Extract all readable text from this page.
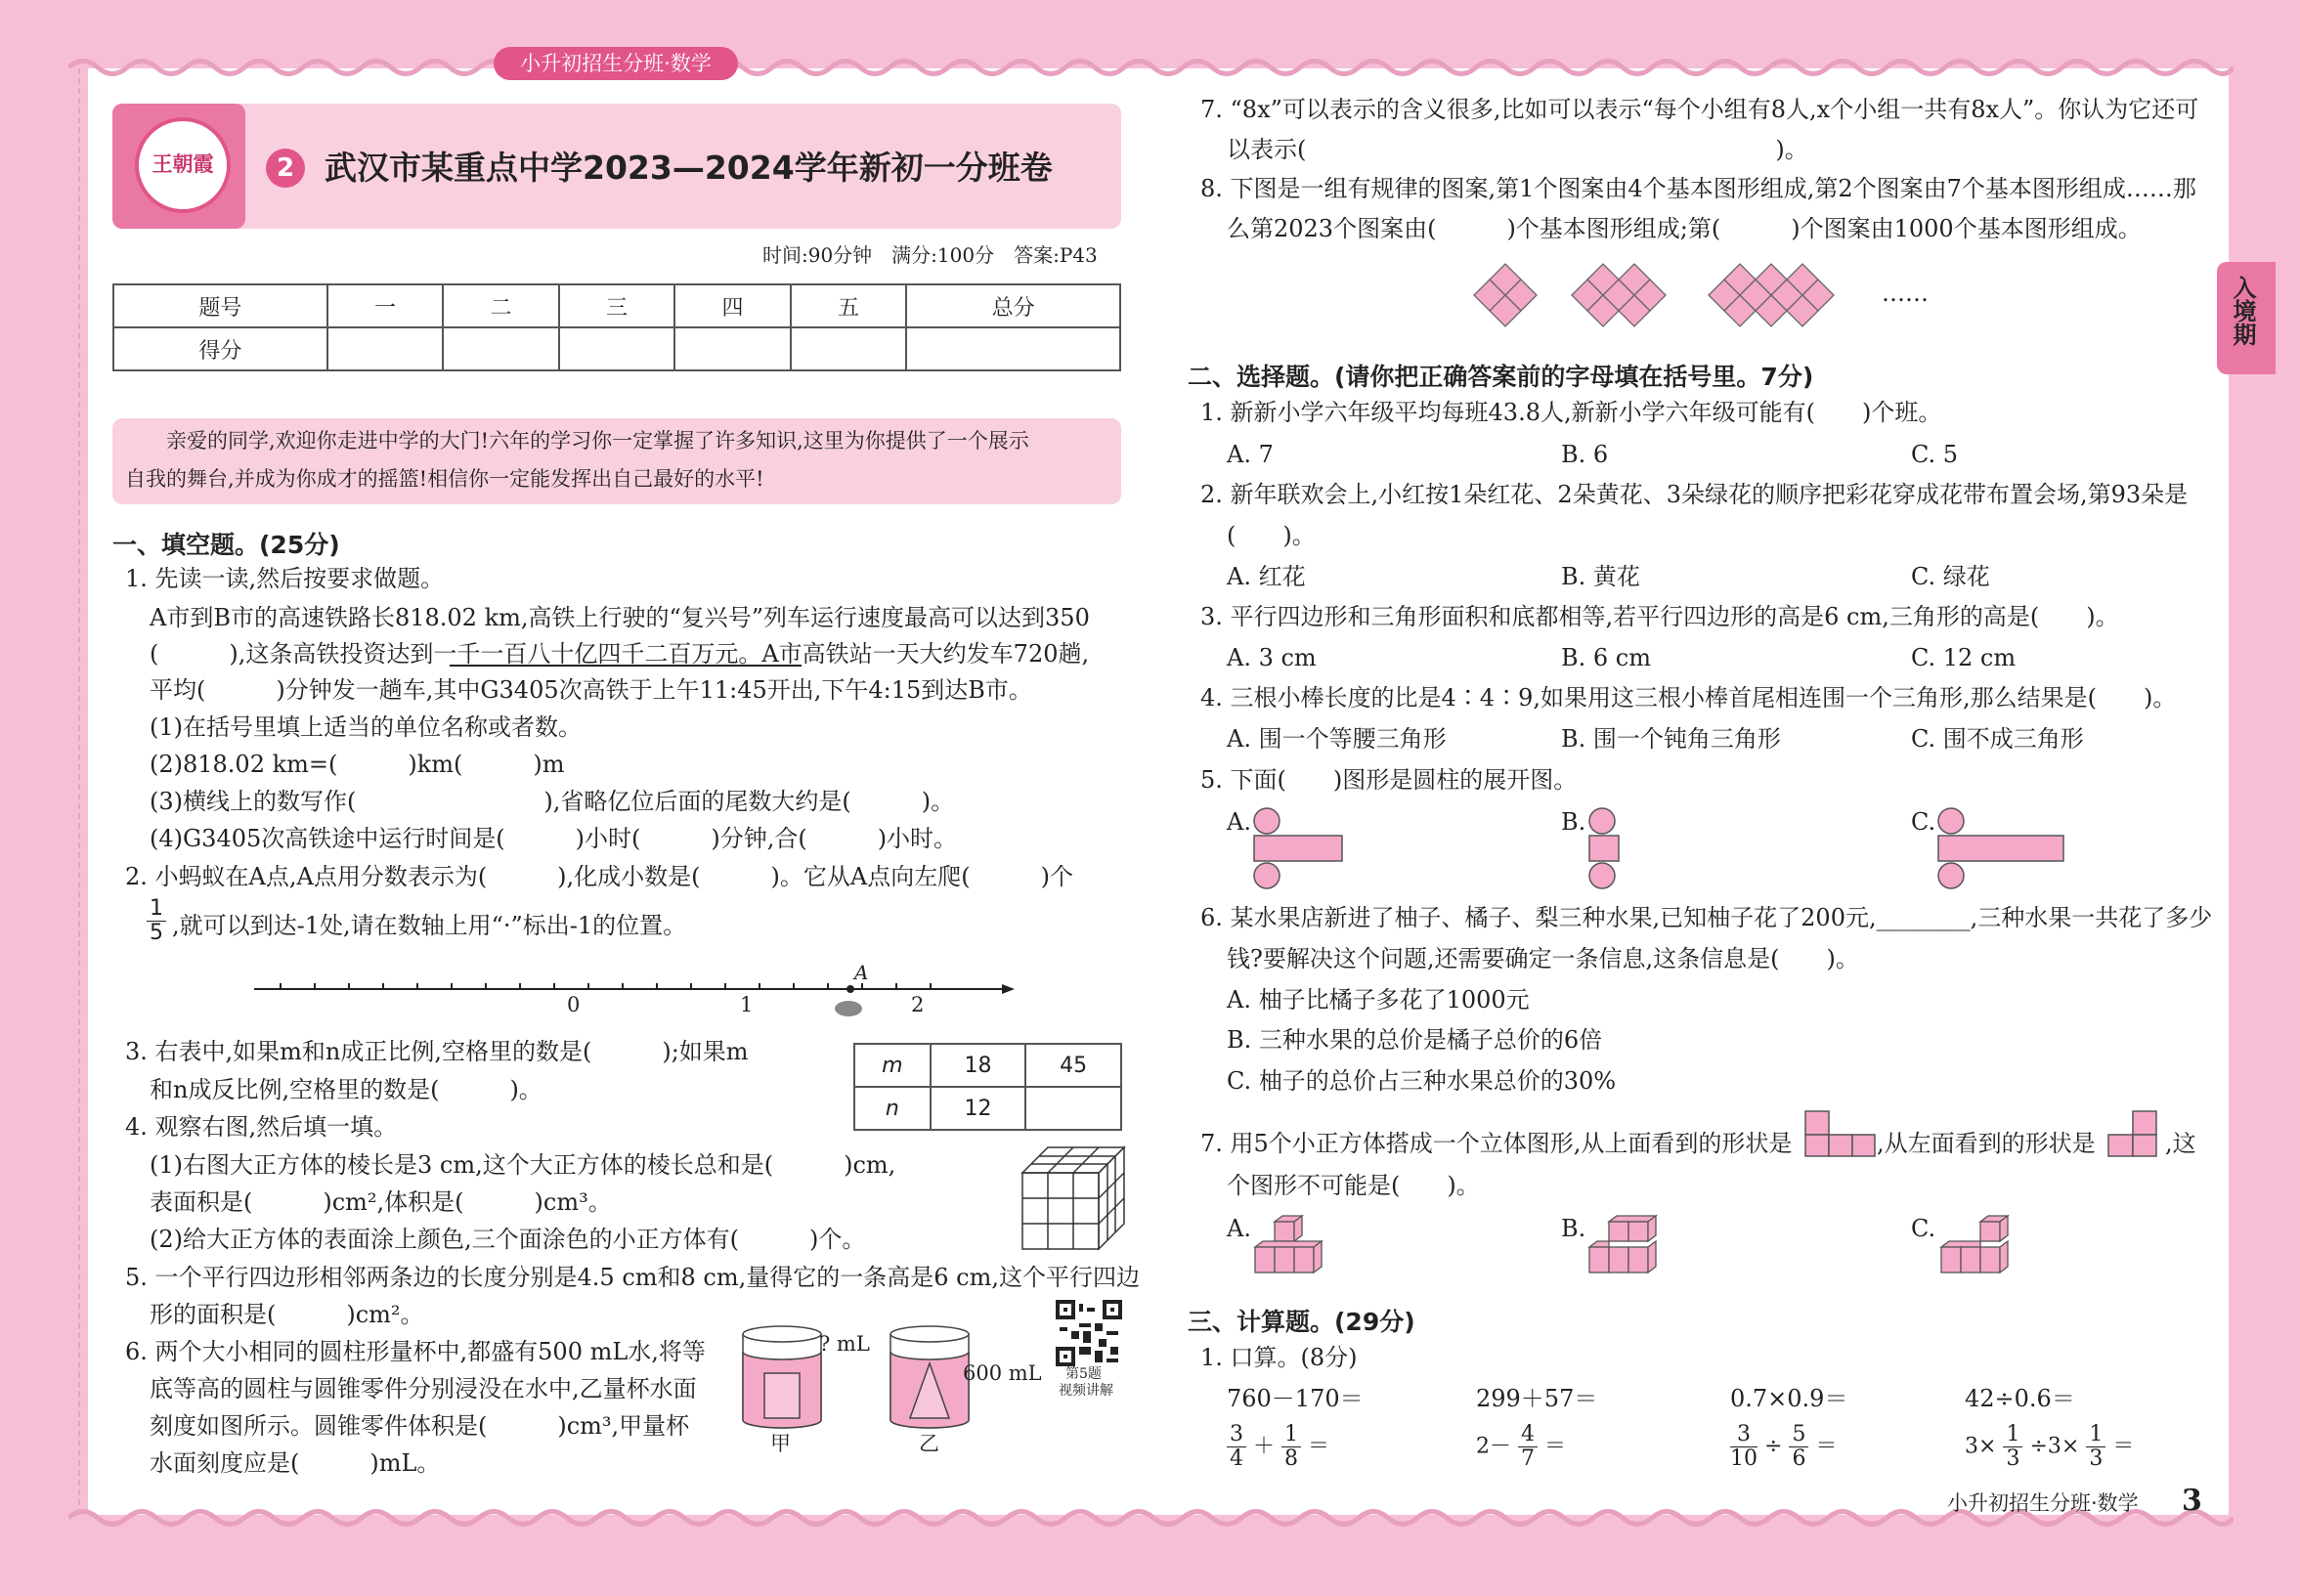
小升初招生分班·数学
入境期
王朝霞	2 武汉市某重点中学2023—2024学年新初一分班卷
时间:90分钟　满分:100分　答案:P43
题号	一	二	三	四	五	总分
得分						
亲爱的同学,欢迎你走进中学的大门!六年的学习你一定掌握了许多知识,这里为你提供了一个展示
自我的舞台,并成为你成才的摇篮!相信你一定能发挥出自己最好的水平!
一、填空题。(25分)
1. 先读一读,然后按要求做题。
A市到B市的高速铁路长818.02 km,高铁上行驶的“复兴号”列车运行速度最高可以达到350
(　　　),这条高铁投资达到一千一百八十亿四千二百万元。A市高铁站一天大约发车720趟,
平均(　　　)分钟发一趟车,其中G3405次高铁于上午11:45开出,下午4:15到达B市。
(1)在括号里填上适当的单位名称或者数。
(2)818.02 km=(　　　)km(　　　)m
(3)横线上的数写作(　　　　　　　　),省略亿位后面的尾数大约是(　　　)。
(4)G3405次高铁途中运行时间是(　　　)小时(　　　)分钟,合(　　　)小时。
2. 小蚂蚁在A点,A点用分数表示为(　　　),化成小数是(　　　)。它从A点向左爬(　　　)个
$\frac{1}{5}$ ,就可以到达-1处,请在数轴上用“·”标出-1的位置。
0	1	2
A
3. 右表中,如果m和n成正比例,空格里的数是(　　　);如果m
和n成反比例,空格里的数是(　　　)。
m	18	45
n	12	
4. 观察右图,然后填一填。
(1)右图大正方体的棱长是3 cm,这个大正方体的棱长总和是(　　　)cm,
表面积是(　　　)cm²,体积是(　　　)cm³。
(2)给大正方体的表面涂上颜色,三个面涂色的小正方体有(　　　)个。
5. 一个平行四边形相邻两条边的长度分别是4.5 cm和8 cm,量得它的一条高是6 cm,这个平行四边
形的面积是(　　　)cm²。
6. 两个大小相同的圆柱形量杯中,都盛有500 mL水,将等
底等高的圆柱与圆锥零件分别浸没在水中,乙量杯水面
刻度如图所示。圆锥零件体积是(　　　)cm³,甲量杯
水面刻度应是(　　　)mL。
? mL
600 mL
甲	乙
第5题
视频讲解
7. “8x”可以表示的含义很多,比如可以表示“每个小组有8人,x个小组一共有8x人”。你认为它还可
以表示(　　　　　　　　　　　　　　　　　　　　)。
8. 下图是一组有规律的图案,第1个图案由4个基本图形组成,第2个图案由7个基本图形组成……那
么第2023个图案由(　　　)个基本图形组成;第(　　　)个图案由1000个基本图形组成。
……
二、选择题。(请你把正确答案前的字母填在括号里。7分)
1. 新新小学六年级平均每班43.8人,新新小学六年级可能有(　　)个班。
A. 7	B. 6	C. 5
2. 新年联欢会上,小红按1朵红花、2朵黄花、3朵绿花的顺序把彩花穿成花带布置会场,第93朵是
(　　)。
A. 红花	B. 黄花	C. 绿花
3. 平行四边形和三角形面积和底都相等,若平行四边形的高是6 cm,三角形的高是(　　)。
A. 3 cm	B. 6 cm	C. 12 cm
4. 三根小棒长度的比是4∶4∶9,如果用这三根小棒首尾相连围一个三角形,那么结果是(　　)。
A. 围一个等腰三角形	B. 围一个钝角三角形	C. 围不成三角形
5. 下面(　　)图形是圆柱的展开图。
A.	B.	C.
6. 某水果店新进了柚子、橘子、梨三种水果,已知柚子花了200元,________,三种水果一共花了多少
钱?要解决这个问题,还需要确定一条信息,这条信息是(　　)。
A. 柚子比橘子多花了1000元
B. 三种水果的总价是橘子总价的6倍
C. 柚子的总价占三种水果总价的30%
7. 用5个小正方体搭成一个立体图形,从上面看到的形状是	,从左面看到的形状是	,这
个图形不可能是(　　)。
A.	B.	C.
三、计算题。(29分)
1. 口算。(8分)
760－170＝	299＋57＝	0.7×0.9＝	42÷0.6＝
$\frac{3}{4} + \frac{1}{8}$ ＝	$2- \frac{4}{7}$ ＝	$\frac{3}{10} \div \frac{5}{6}$ ＝	$3\times \frac{1}{3} \div 3\times \frac{1}{3}$ ＝
小升初招生分班·数学 3
